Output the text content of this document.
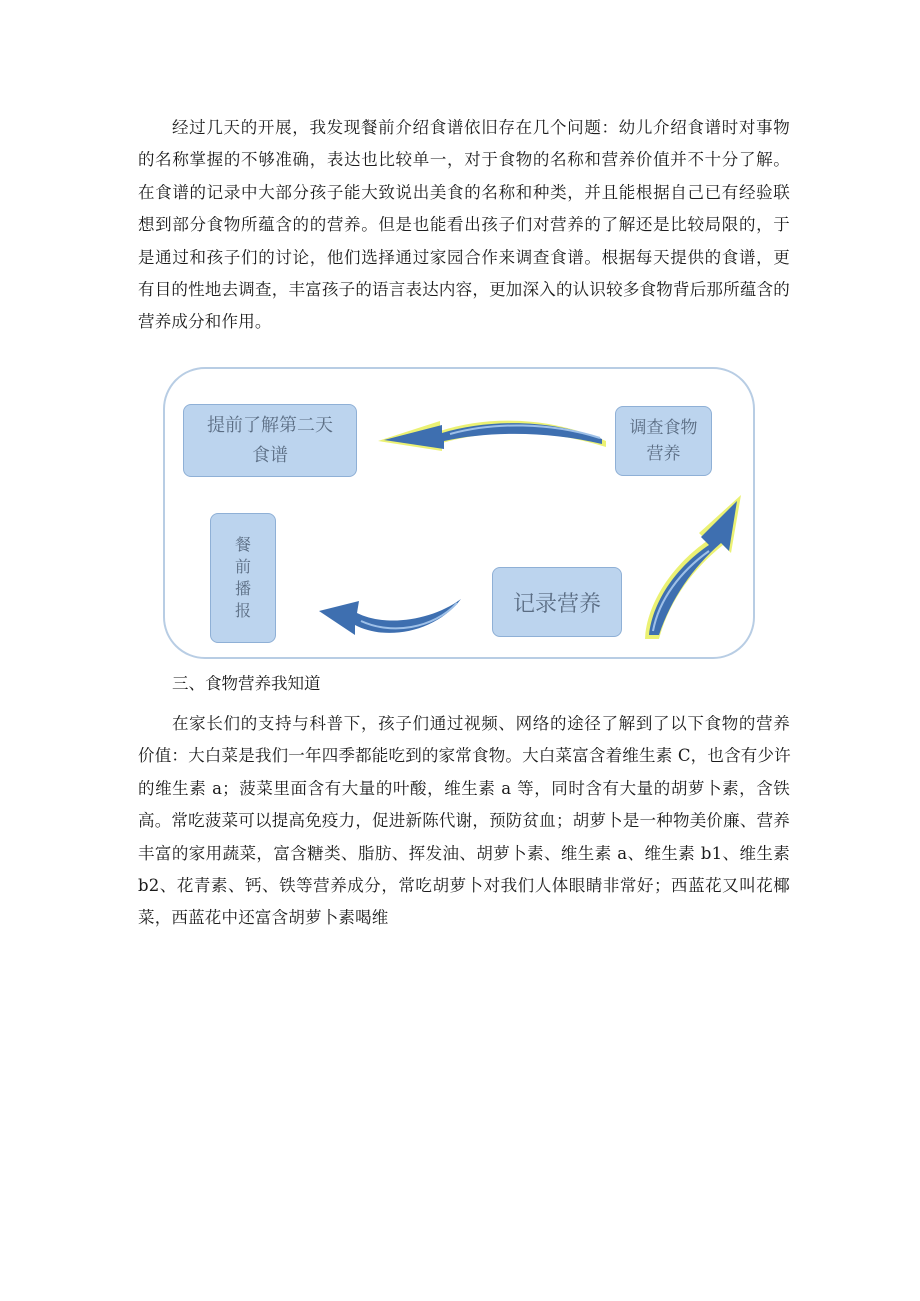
经过几天的开展，我发现餐前介绍食谱依旧存在几个问题：幼儿介绍食谱时对事物
的名称掌握的不够准确，表达也比较单一，对于食物的名称和营养价值并不十分了解。
在食谱的记录中大部分孩子能大致说出美食的名称和种类，并且能根据自己已有经验联
想到部分食物所蕴含的的营养。但是也能看出孩子们对营养的了解还是比较局限的，于
是通过和孩子们的讨论，他们选择通过家园合作来调查食谱。根据每天提供的食谱，更
有目的性地去调查，丰富孩子的语言表达内容，更加深入的认识较多食物背后那所蕴含的
营养成分和作用。
提前了解第二天食谱
调查食物营养
记录营养
餐前播报

三、食物营养我知道

在家长们的支持与科普下，孩子们通过视频、网络的途径了解到了以下食物的营养
价值：大白菜是我们一年四季都能吃到的家常食物。大白菜富含着维生素 C，也含有少许
的维生素 a；菠菜里面含有大量的叶酸，维生素 a 等，同时含有大量的胡萝卜素，含铁
高。常吃菠菜可以提高免疫力，促进新陈代谢，预防贫血；胡萝卜是一种物美价廉、营养
丰富的家用蔬菜，富含糖类、脂肪、挥发油、胡萝卜素、维生素 a、维生素 b1、维生素
b2、花青素、钙、铁等营养成分，常吃胡萝卜对我们人体眼睛非常好；西蓝花又叫花椰
菜，西蓝花中还富含胡萝卜素喝维
